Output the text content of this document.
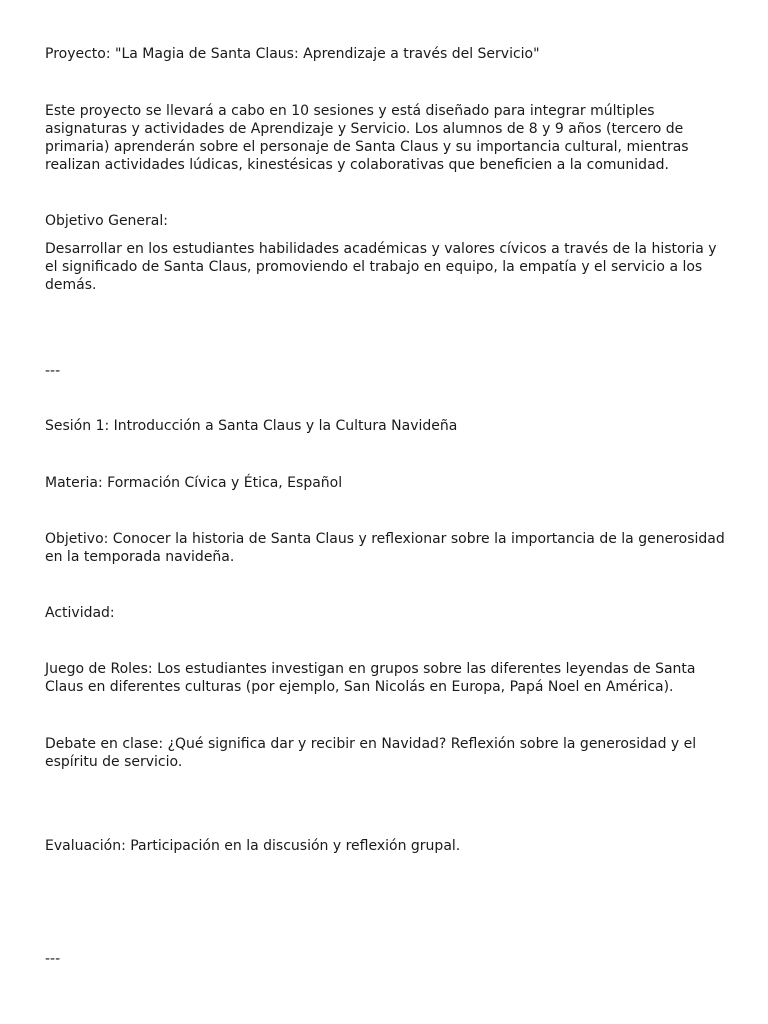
Proyecto: "La Magia de Santa Claus: Aprendizaje a través del Servicio"

Este proyecto se llevará a cabo en 10 sesiones y está diseñado para integrar múltiples asignaturas y actividades de Aprendizaje y Servicio. Los alumnos de 8 y 9 años (tercero de primaria) aprenderán sobre el personaje de Santa Claus y su importancia cultural, mientras realizan actividades lúdicas, kinestésicas y colaborativas que beneficien a la comunidad.

Objetivo General:

Desarrollar en los estudiantes habilidades académicas y valores cívicos a través de la historia y el significado de Santa Claus, promoviendo el trabajo en equipo, la empatía y el servicio a los demás.

---

Sesión 1: Introducción a Santa Claus y la Cultura Navideña

Materia: Formación Cívica y Ética, Español

Objetivo: Conocer la historia de Santa Claus y reflexionar sobre la importancia de la generosidad en la temporada navideña.

Actividad:

Juego de Roles: Los estudiantes investigan en grupos sobre las diferentes leyendas de Santa Claus en diferentes culturas (por ejemplo, San Nicolás en Europa, Papá Noel en América).

Debate en clase: ¿Qué significa dar y recibir en Navidad? Reflexión sobre la generosidad y el espíritu de servicio.

Evaluación: Participación en la discusión y reflexión grupal.

---
